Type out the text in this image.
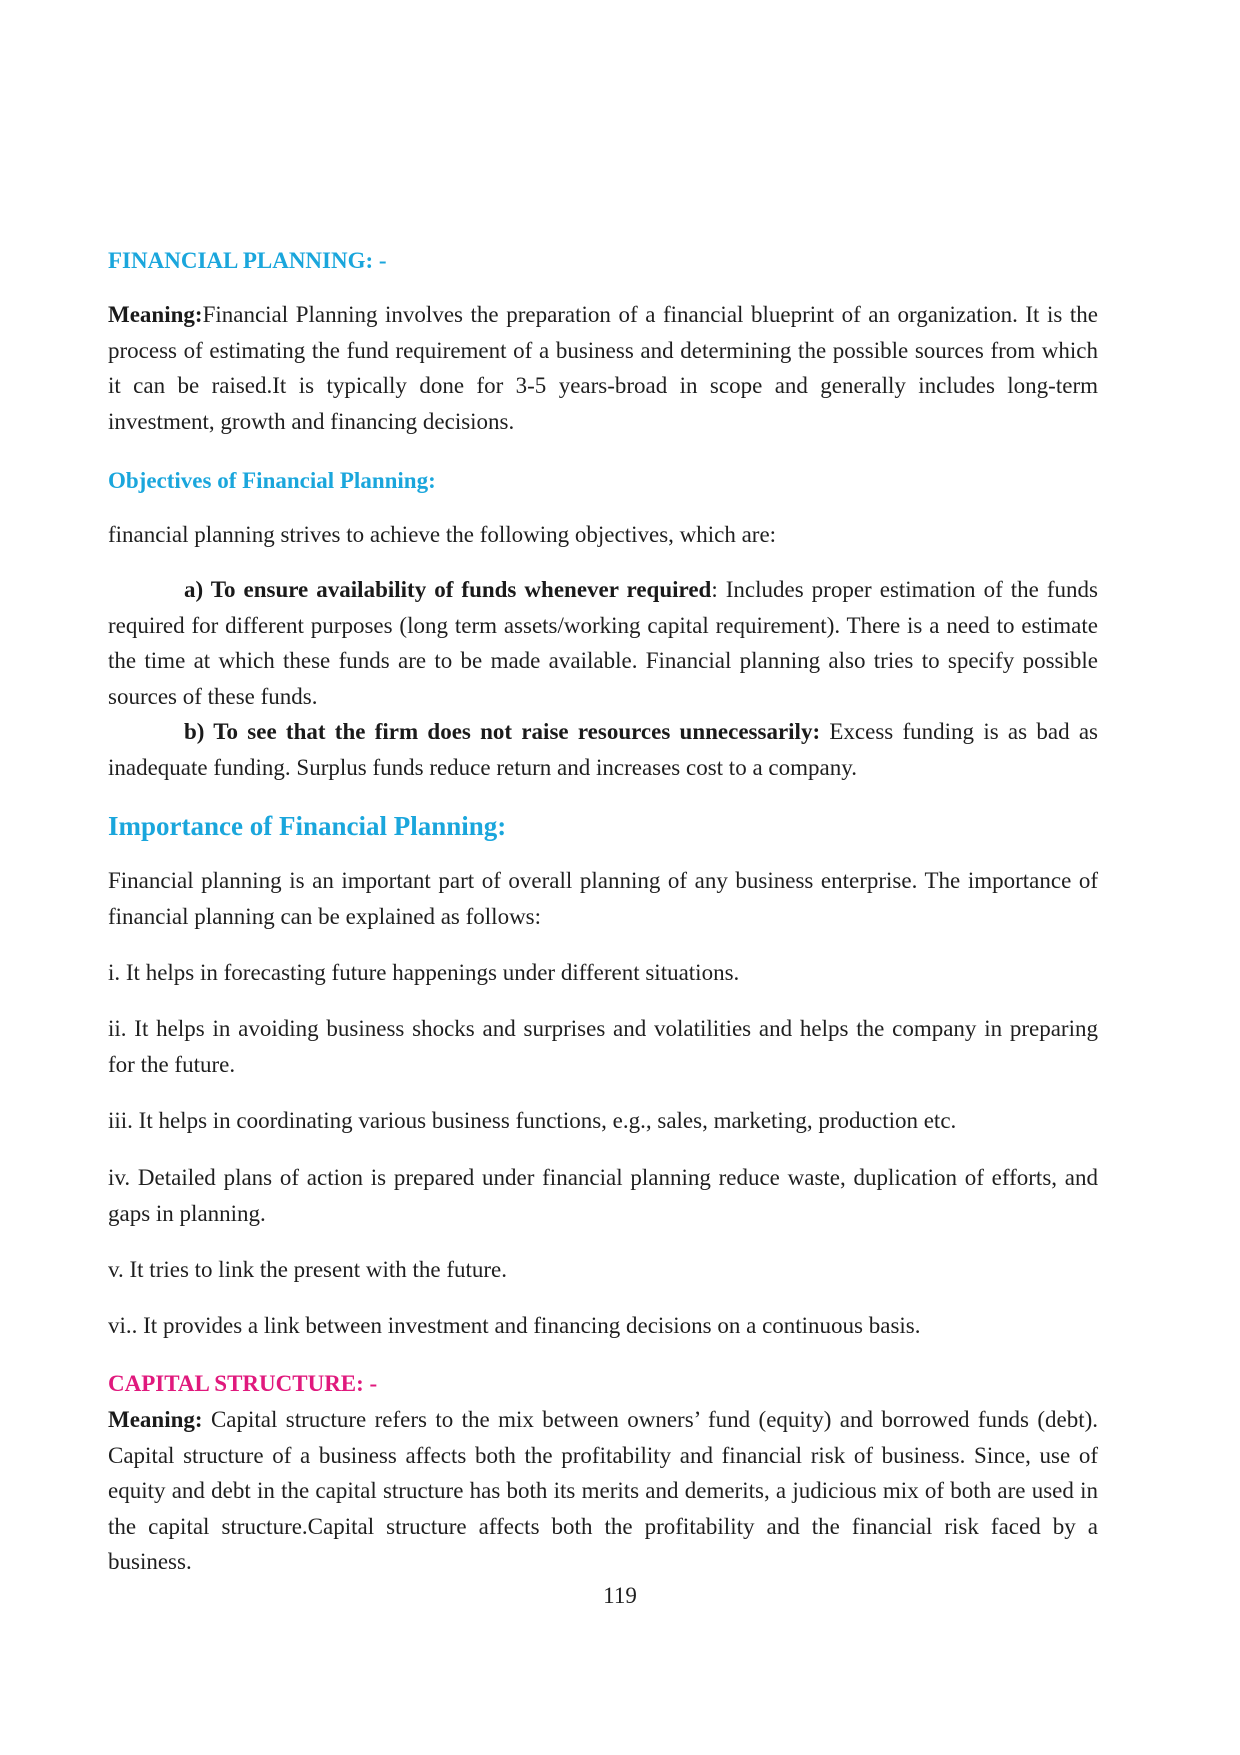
FINANCIAL PLANNING: -

Meaning:Financial Planning involves the preparation of a financial blueprint of an organization. It is the process of estimating the fund requirement of a business and determining the possible sources from which it can be raised.It is typically done for 3-5 years-broad in scope and generally includes long-term investment, growth and financing decisions.

Objectives of Financial Planning:

financial planning strives to achieve the following objectives, which are:

a) To ensure availability of funds whenever required: Includes proper estimation of the funds required for different purposes (long term assets/working capital requirement). There is a need to estimate the time at which these funds are to be made available. Financial planning also tries to specify possible sources of these funds.

b) To see that the firm does not raise resources unnecessarily: Excess funding is as bad as inadequate funding. Surplus funds reduce return and increases cost to a company.

Importance of Financial Planning:

Financial planning is an important part of overall planning of any business enterprise. The importance of financial planning can be explained as follows:

i. It helps in forecasting future happenings under different situations.

ii. It helps in avoiding business shocks and surprises and volatilities and helps the company in preparing for the future.

iii. It helps in coordinating various business functions, e.g., sales, marketing, production etc.

iv. Detailed plans of action is prepared under financial planning reduce waste, duplication of efforts, and gaps in planning.

v. It tries to link the present with the future.

vi.. It provides a link between investment and financing decisions on a continuous basis.

CAPITAL STRUCTURE: -

Meaning: Capital structure refers to the mix between owners’ fund (equity) and borrowed funds (debt). Capital structure of a business affects both the profitability and financial risk of business. Since, use of equity and debt in the capital structure has both its merits and demerits, a judicious mix of both are used in the capital structure.Capital structure affects both the profitability and the financial risk faced by a business.

119
